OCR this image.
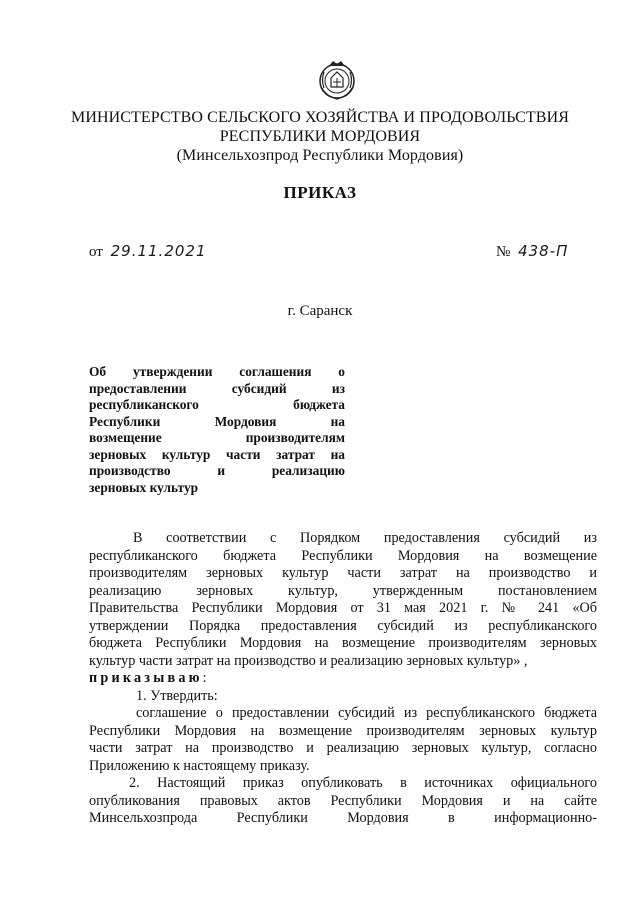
МИНИСТЕРСТВО СЕЛЬСКОГО ХОЗЯЙСТВА И ПРОДОВОЛЬСТВИЯ
РЕСПУБЛИКИ МОРДОВИЯ
(Минсельхозпрод Республики Мордовия)
ПРИКАЗ
от 29.11.2021	№ 438-П
г. Саранск
Об утверждении соглашения о
предоставлении субсидий из
республиканского бюджета
Республики Мордовия на
возмещение производителям
зерновых культур части затрат на
производство и реализацию
зерновых культур
В соответствии с Порядком предоставления субсидий из
республиканского бюджета Республики Мордовия на возмещение
производителям зерновых культур части затрат на производство и
реализацию зерновых культур, утвержденным постановлением
Правительства Республики Мордовия от 31 мая 2021 г. № 241 «Об
утверждении Порядка предоставления субсидий из республиканского
бюджета Республики Мордовия на возмещение производителям зерновых
культур части затрат на производство и реализацию зерновых культур» ,
приказываю:
1. Утвердить:
соглашение о предоставлении субсидий из республиканского бюджета
Республики Мордовия на возмещение производителям зерновых культур
части затрат на производство и реализацию зерновых культур, согласно
Приложению к настоящему приказу.
2. Настоящий приказ опубликовать в источниках официального
опубликования правовых актов Республики Мордовия и на сайте
Минсельхозпрода Республики Мордовия в информационно-
